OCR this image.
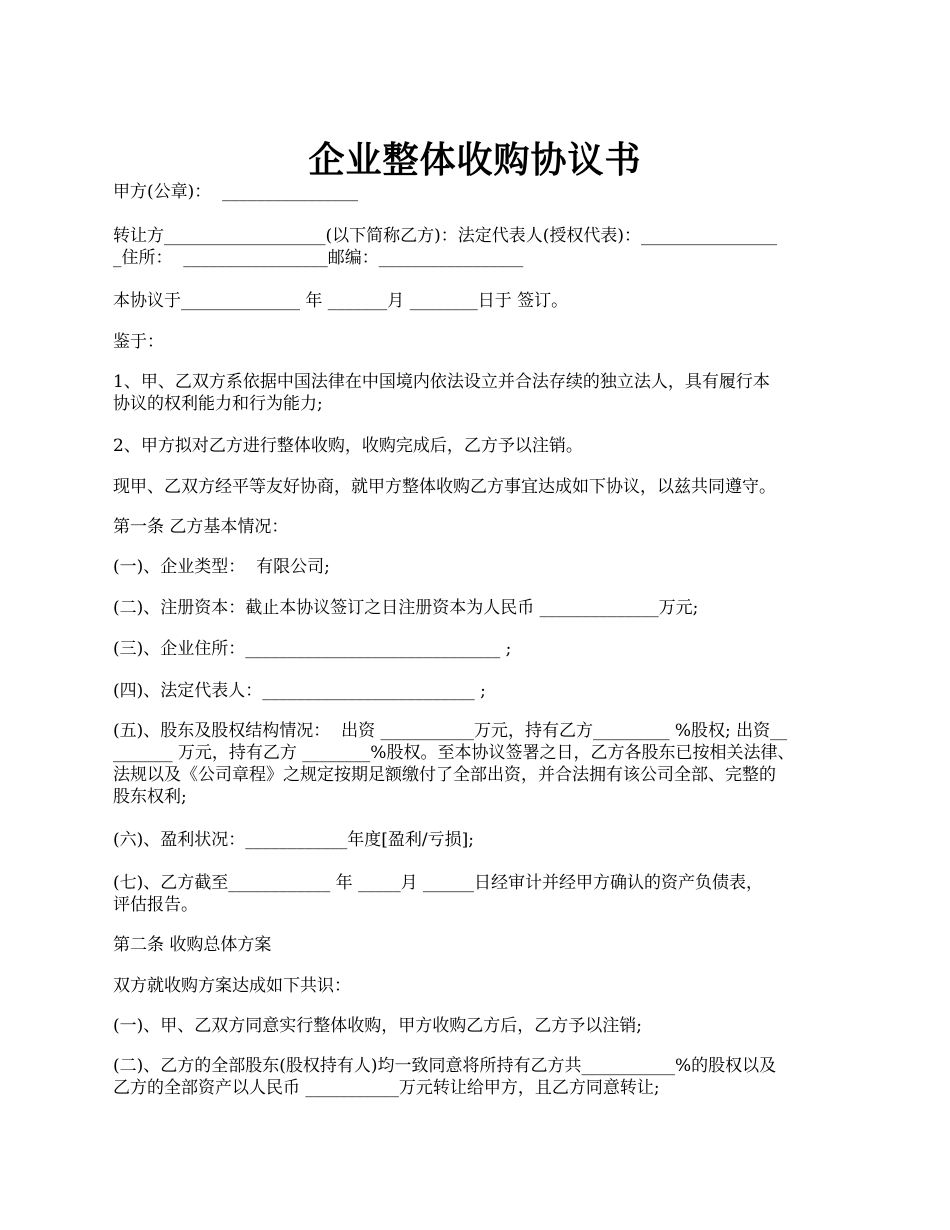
企业整体收购协议书

甲方(公章)：  ________________

转让方___________________(以下简称乙方)：法定代表人(授权代表)：________________
_住所：  _________________邮编：_________________

本协议于______________ 年 _______月 ________日于 签订。

鉴于：

1、甲、乙双方系依据中国法律在中国境内依法设立并合法存续的独立法人，具有履行本
协议的权利能力和行为能力;

2、甲方拟对乙方进行整体收购，收购完成后，乙方予以注销。

现甲、乙双方经平等友好协商，就甲方整体收购乙方事宜达成如下协议，以兹共同遵守。

第一条 乙方基本情况：

(一)、企业类型：  有限公司;

(二)、注册资本：截止本协议签订之日注册资本为人民币 ______________万元;

(三)、企业住所：______________________________ ;

(四)、法定代表人：_________________________ ;

(五)、股东及股权结构情况：  出资 ___________万元，持有乙方_________ %股权; 出资__
_______ 万元，持有乙方 ________%股权。至本协议签署之日，乙方各股东已按相关法律、
法规以及《公司章程》之规定按期足额缴付了全部出资，并合法拥有该公司全部、完整的
股东权利;

(六)、盈利状况：____________年度[盈利/亏损];

(七)、乙方截至____________ 年 _____月 ______日经审计并经甲方确认的资产负债表，
评估报告。

第二条 收购总体方案

双方就收购方案达成如下共识：

(一)、甲、乙双方同意实行整体收购，甲方收购乙方后，乙方予以注销;

(二)、乙方的全部股东(股权持有人)均一致同意将所持有乙方共___________%的股权以及
乙方的全部资产以人民币 ___________万元转让给甲方，且乙方同意转让;
